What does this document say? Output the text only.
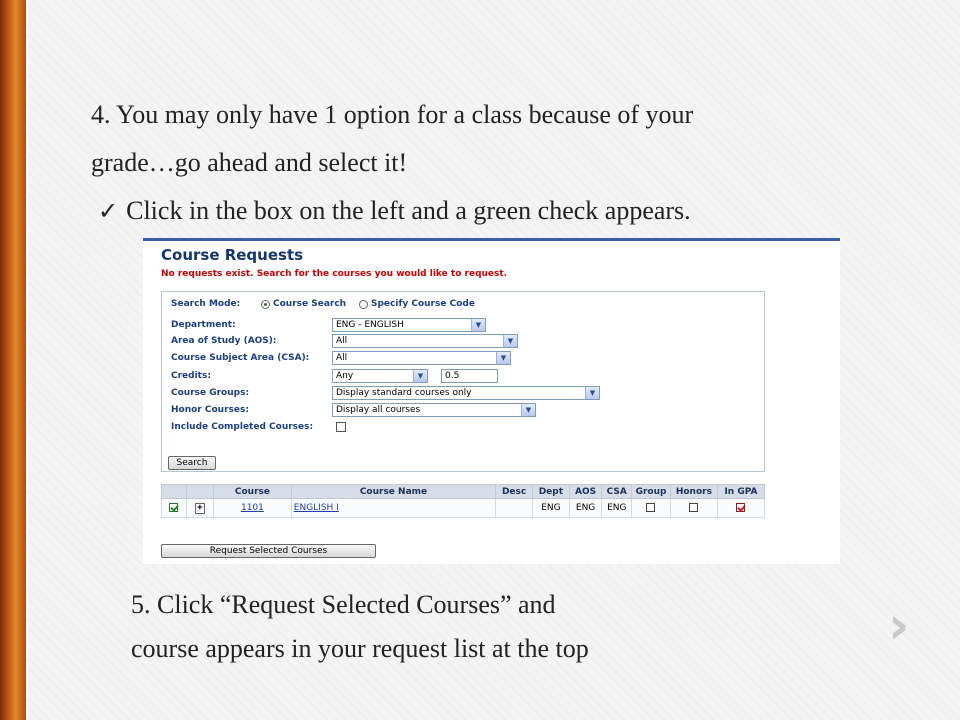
4. You may only have 1 option for a class because of your
grade…go ahead and select it!
✓ Click in the box on the left and a green check appears.
Course Requests
No requests exist. Search for the courses you would like to request.
Search Mode:	Course Search	Specify Course Code
Department:	ENG - ENGLISH	▼
Area of Study (AOS):	All	▼
Course Subject Area (CSA):	All	▼
Credits:	Any	▼	0.5
Course Groups:	Display standard courses only	▼
Honor Courses:	Display all courses	▼
Include Completed Courses:
Search
		Course	Course Name	Desc	Dept	AOS	CSA	Group	Honors	In GPA
	+	1101	ENGLISH I		ENG	ENG	ENG			
Request Selected Courses
5. Click “Request Selected Courses” and
course appears in your request list at the top	›
